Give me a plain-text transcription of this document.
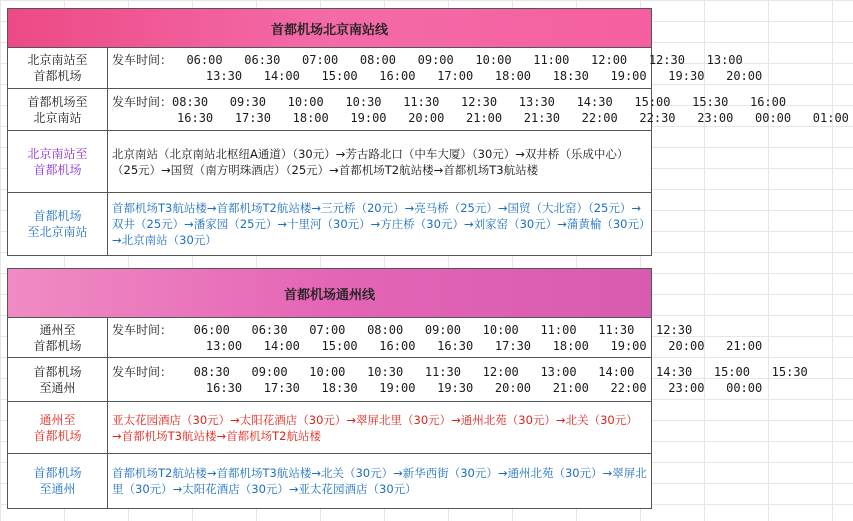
首都机场北京南站线
北京南站至
首都机场
发车时间：  06:00   06:30   07:00   08:00   09:00   10:00   11:00   12:00   12:30   13:00
13:30   14:00   15:00   16:00   17:00   18:00   18:30   19:00   19:30   20:00
首都机场至
北京南站
发车时间：08:30   09:30   10:00   10:30   11:30   12:30   13:30   14:30   15:00   15:30   16:00
16:30   17:30   18:00   19:00   20:00   21:00   21:30   22:00   22:30   23:00   00:00   01:00
北京南站至
首都机场
北京南站（北京南站北枢纽A通道）（30元）→芳古路北口（中车大厦）（30元）→双井桥（乐成中心）（25元）→国贸（南方明珠酒店）（25元）→首都机场T2航站楼→首都机场T3航站楼
首都机场
至北京南站
首都机场T3航站楼→首都机场T2航站楼→三元桥（20元）→亮马桥（25元）→国贸（大北窑）（25元）→双井（25元）→潘家园（25元）→十里河（30元）→方庄桥（30元）→刘家窑（30元）→蒲黄榆（30元）→北京南站（30元）
首都机场通州线
通州至
首都机场
发车时间：   06:00   06:30   07:00   08:00   09:00   10:00   11:00   11:30   12:30
13:00   14:00   15:00   16:00   16:30   17:30   18:00   19:00   20:00   21:00
首都机场
至通州
发车时间：   08:30   09:00   10:00   10:30   11:30   12:00   13:00   14:00   14:30   15:00   15:30
16:30   17:30   18:30   19:00   19:30   20:00   21:00   22:00   23:00   00:00
通州至
首都机场
亚太花园酒店（30元）→太阳花酒店（30元）→翠屏北里（30元）→通州北苑（30元）→北关（30元）→首都机场T3航站楼→首都机场T2航站楼
首都机场
至通州
首都机场T2航站楼→首都机场T3航站楼→北关（30元）→新华西街（30元）→通州北苑（30元）→翠屏北里（30元）→太阳花酒店（30元）→亚太花园酒店（30元）
